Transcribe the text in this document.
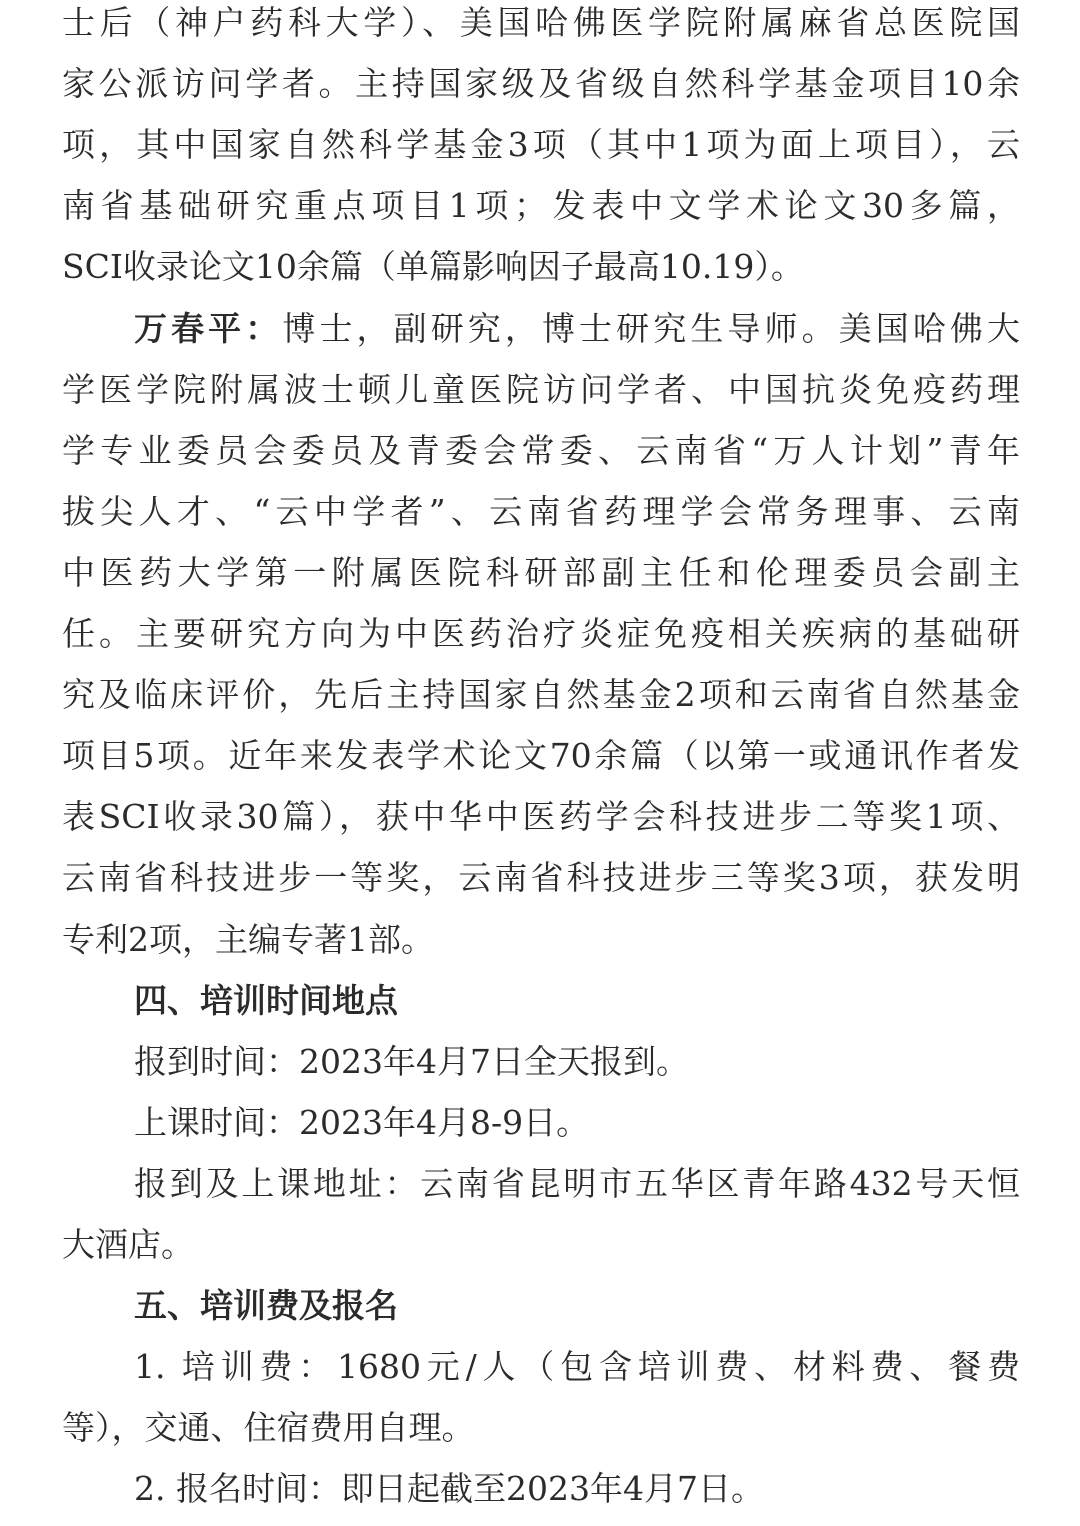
士后（神户药科大学）、美国哈佛医学院附属麻省总医院国
家公派访问学者。主持国家级及省级自然科学基金项目10余
项，其中国家自然科学基金3项（其中1项为面上项目），云
南省基础研究重点项目1项；发表中文学术论文30多篇，
SCI收录论文10余篇（单篇影响因子最高10.19）。
万春平：博士，副研究，博士研究生导师。美国哈佛大
学医学院附属波士顿儿童医院访问学者、中国抗炎免疫药理
学专业委员会委员及青委会常委、云南省“万人计划”青年
拔尖人才、“云中学者”、云南省药理学会常务理事、云南
中医药大学第一附属医院科研部副主任和伦理委员会副主
任。主要研究方向为中医药治疗炎症免疫相关疾病的基础研
究及临床评价，先后主持国家自然基金2项和云南省自然基金
项目5项。近年来发表学术论文70余篇（以第一或通讯作者发
表SCI收录30篇），获中华中医药学会科技进步二等奖1项、
云南省科技进步一等奖，云南省科技进步三等奖3项，获发明
专利2项，主编专著1部。
四、培训时间地点
报到时间：2023年4月7日全天报到。
上课时间：2023年4月8-9日。
报到及上课地址：云南省昆明市五华区青年路432号天恒
大酒店。
五、培训费及报名
1. 培训费：1680元/人（包含培训费、材料费、餐费
等），交通、住宿费用自理。
2. 报名时间：即日起截至2023年4月7日。
